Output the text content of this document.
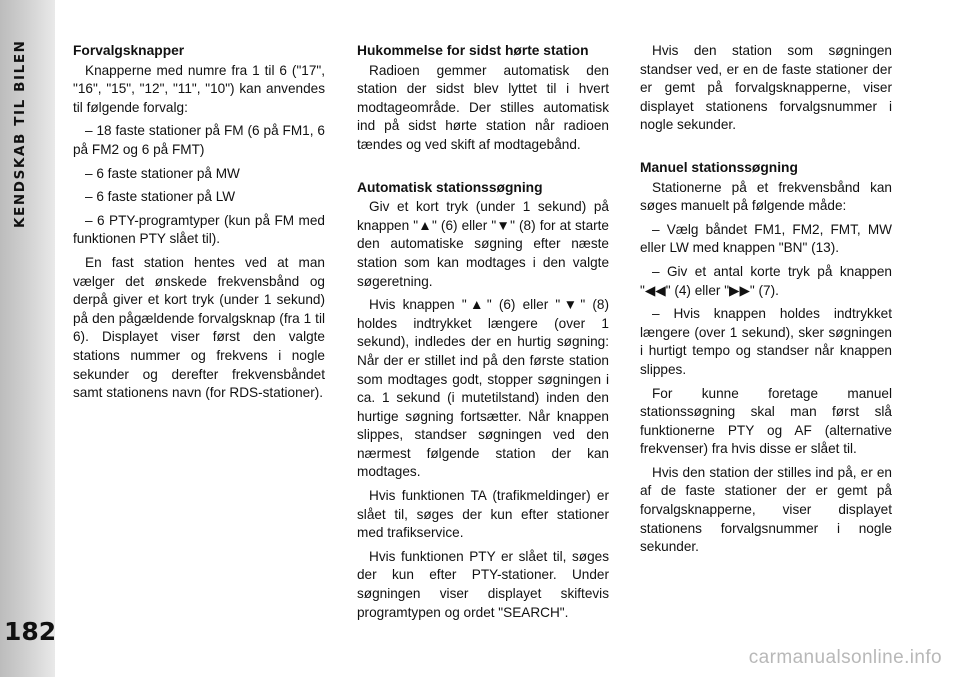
KENDSKAB TIL BILEN
182
Forvalgsknapper

Knapperne med numre fra 1 til 6 ("17", "16", "15", "12", "11", "10") kan anvendes til følgende forvalg:

– 18 faste stationer på FM (6 på FM1, 6 på FM2 og 6 på FMT)

– 6 faste stationer på MW

– 6 faste stationer på LW

– 6 PTY-programtyper (kun på FM med funktionen PTY slået til).

En fast station hentes ved at man vælger det ønskede frekvensbånd og derpå giver et kort tryk (under 1 sekund) på den pågældende forvalgsknap (fra 1 til 6). Displayet viser først den valgte stations nummer og frekvens i nogle sekunder og derefter frekvensbåndet samt stationens navn (for RDS-stationer).

Hukommelse for sidst hørte station

Radioen gemmer automatisk den station der sidst blev lyttet til i hvert modtageområde. Der stilles automatisk ind på sidst hørte station når radioen tændes og ved skift af modtagebånd.

Automatisk stationssøgning

Giv et kort tryk (under 1 sekund) på knappen "▲" (6) eller "▼" (8) for at starte den automatiske søgning efter næste station som kan modtages i den valgte søgeretning.

Hvis knappen "▲" (6) eller "▼" (8) holdes indtrykket længere (over 1 sekund), indledes der en hurtig søgning: Når der er stillet ind på den første station som modtages godt, stopper søgningen i ca. 1 sekund (i mutetilstand) inden den hurtige søgning fortsætter. Når knappen slippes, standser søgningen ved den nærmest følgende station der kan modtages.

Hvis funktionen TA (trafikmeldinger) er slået til, søges der kun efter stationer med trafikservice.

Hvis funktionen PTY er slået til, søges der kun efter PTY-stationer. Under søgningen viser displayet skiftevis programtypen og ordet "SEARCH".

Hvis den station som søgningen standser ved, er en de faste stationer der er gemt på forvalgsknapperne, viser displayet stationens forvalgsnummer i nogle sekunder.

Manuel stationssøgning

Stationerne på et frekvensbånd kan søges manuelt på følgende måde:

– Vælg båndet FM1, FM2, FMT, MW eller LW med knappen "BN" (13).

– Giv et antal korte tryk på knappen "◀◀" (4) eller "▶▶" (7).

– Hvis knappen holdes indtrykket længere (over 1 sekund), sker søgningen i hurtigt tempo og standser når knappen slippes.

For kunne foretage manuel stationssøgning skal man først slå funktionerne PTY og AF (alternative frekvenser) fra hvis disse er slået til.

Hvis den station der stilles ind på, er en af de faste stationer der er gemt på forvalgsknapperne, viser displayet stationens forvalgsnummer i nogle sekunder.

carmanualsonline.info
